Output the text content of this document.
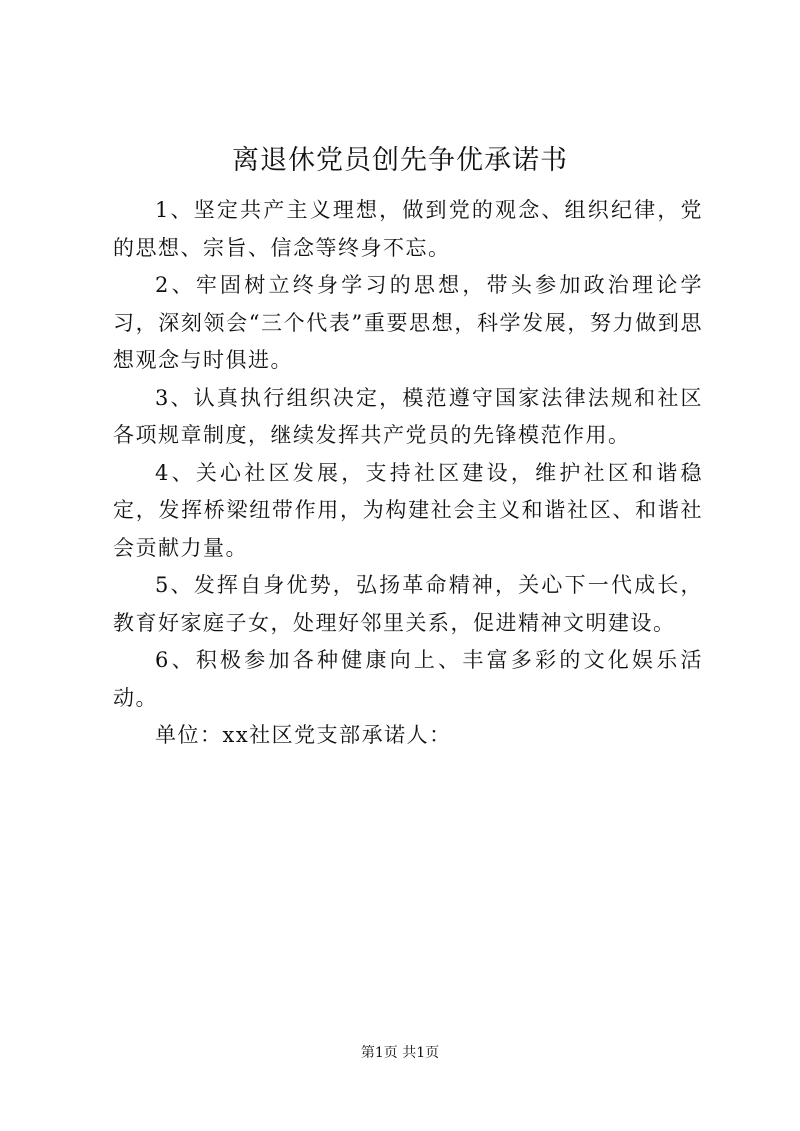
离退休党员创先争优承诺书

1、坚定共产主义理想，做到党的观念、组织纪律，党的思想、宗旨、信念等终身不忘。

2、牢固树立终身学习的思想，带头参加政治理论学习，深刻领会“三个代表”重要思想，科学发展，努力做到思想观念与时俱进。

3、认真执行组织决定，模范遵守国家法律法规和社区各项规章制度，继续发挥共产党员的先锋模范作用。

4、关心社区发展，支持社区建设，维护社区和谐稳定，发挥桥梁纽带作用，为构建社会主义和谐社区、和谐社会贡献力量。

5、发挥自身优势，弘扬革命精神，关心下一代成长，教育好家庭子女，处理好邻里关系，促进精神文明建设。

6、积极参加各种健康向上、丰富多彩的文化娱乐活动。

单位：xx社区党支部承诺人：

第1页 共1页
